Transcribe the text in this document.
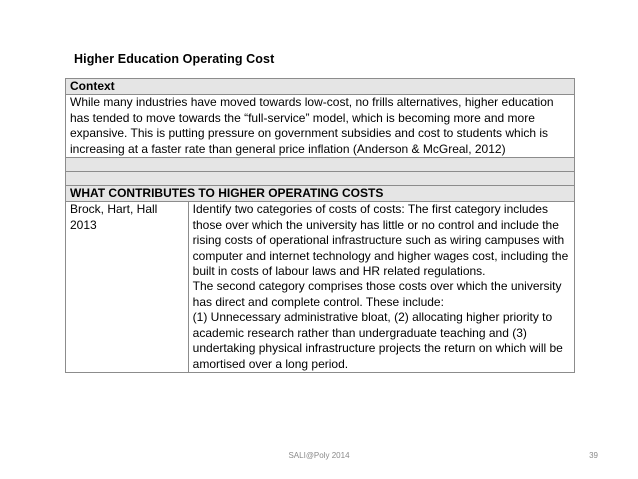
Higher Education Operating Cost
Context
While many industries have moved towards low-cost, no frills alternatives, higher education has tended to move towards the “full-service” model, which is becoming more and more expansive. This is putting pressure on government subsidies and cost to students which is increasing at a faster rate than general price inflation (Anderson & McGreal, 2012)

WHAT CONTRIBUTES TO HIGHER OPERATING COSTS
Brock, Hart, Hall
2013	Identify two categories of costs of costs: The first category includes those over which the university has little or no control and include the rising costs of operational infrastructure such as wiring campuses with computer and internet technology and higher wages cost, including the built in costs of labour laws and HR related regulations.
The second category comprises those costs over which the university has direct and complete control. These include:
(1) Unnecessary administrative bloat, (2) allocating higher priority to academic research rather than undergraduate teaching and (3) undertaking physical infrastructure projects the return on which will be amortised over a long period.
SALI@Poly 2014	39
